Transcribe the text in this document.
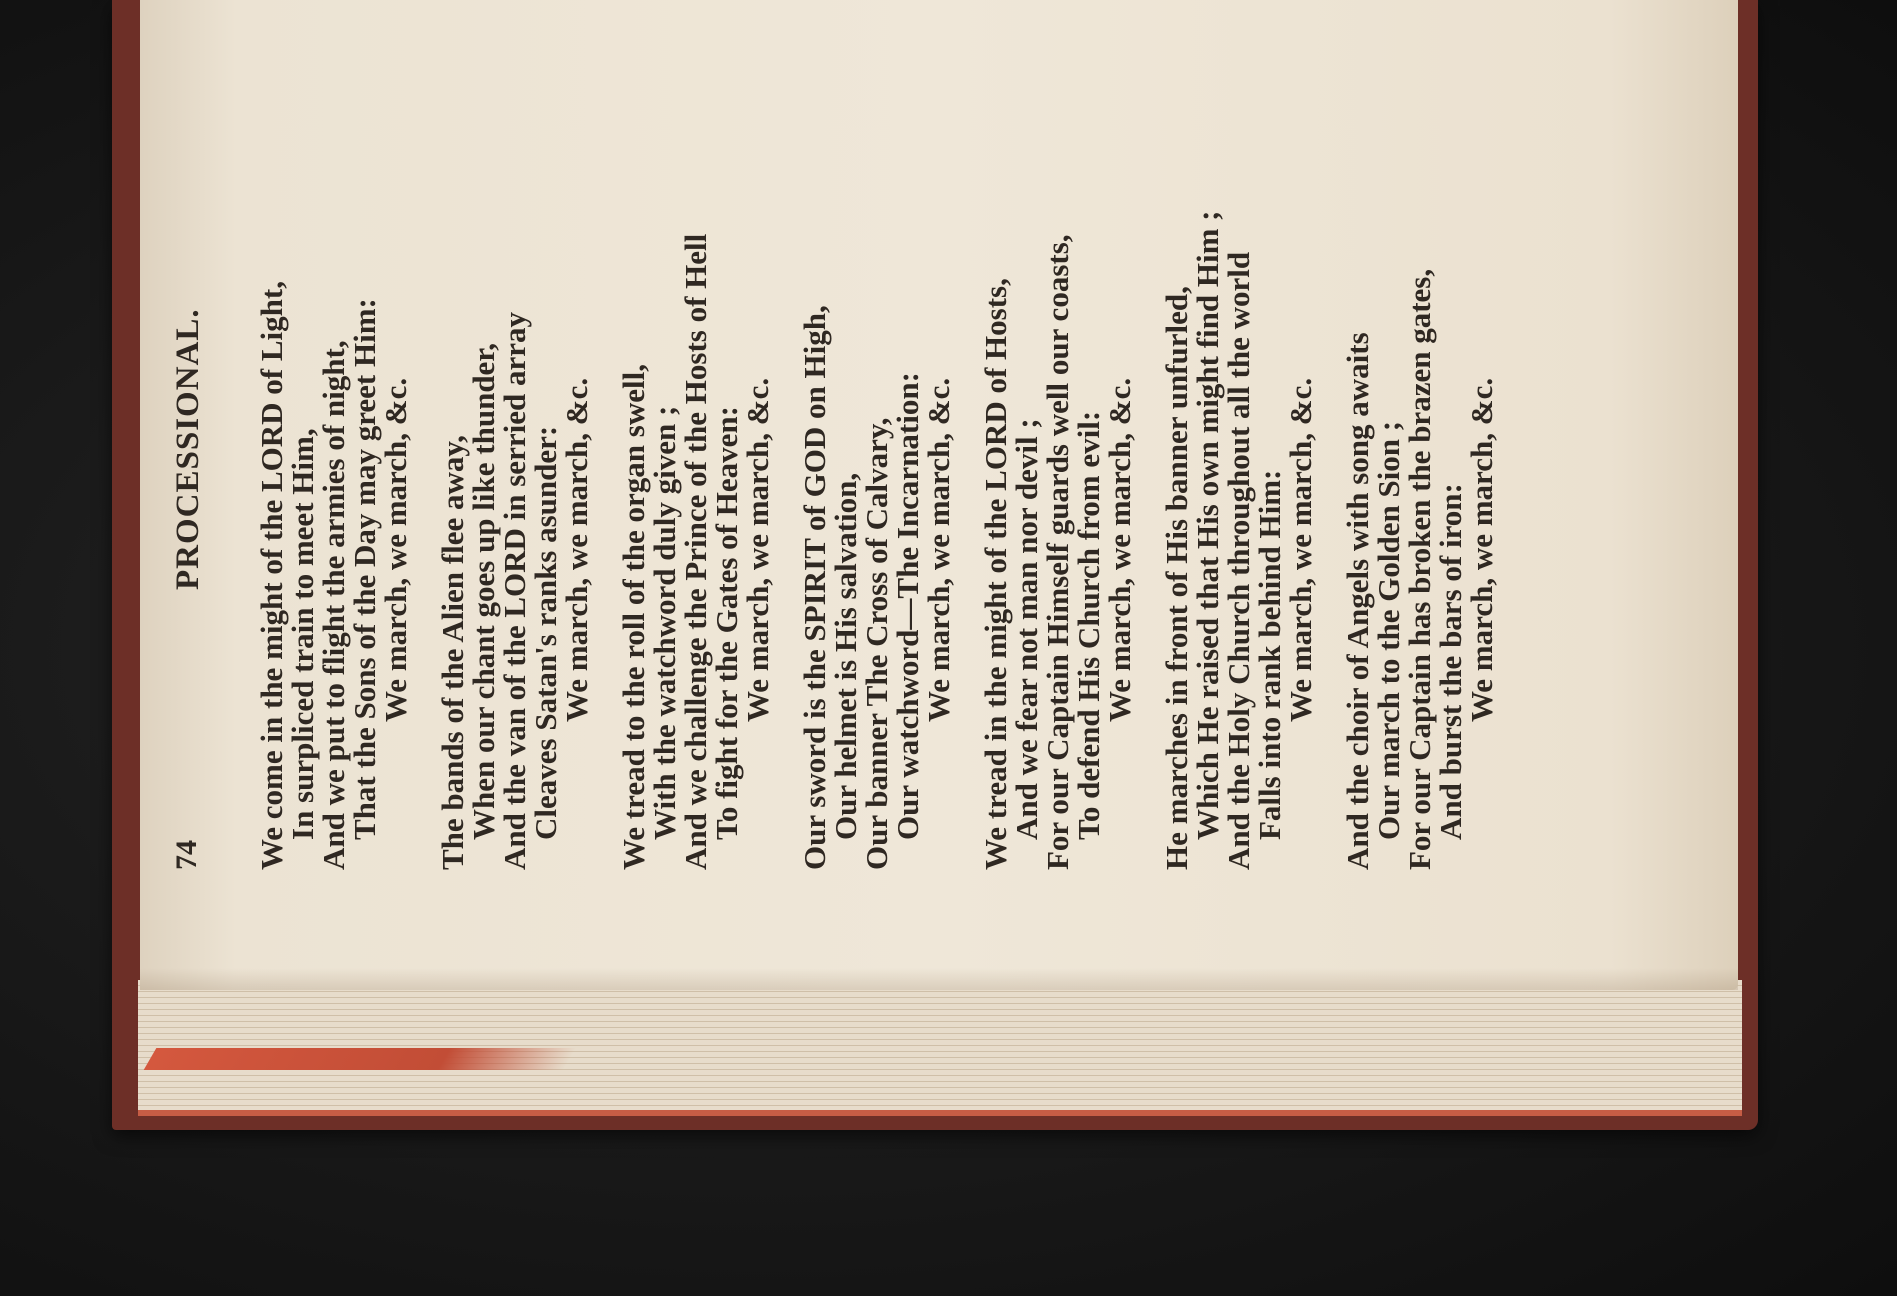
74
PROCESSIONAL. We come in the might of the LORD of Light,
In surpliced train to meet Him,
And we put to flight the armies of night,
That the Sons of the Day may greet Him:
We march, we march, &c. The bands of the Alien flee away,
When our chant goes up like thunder,
And the van of the LORD in serried array
Cleaves Satan's ranks asunder:
We march, we march, &c. We tread to the roll of the organ swell,
With the watchword duly given ;
And we challenge the Prince of the Hosts of Hell
To fight for the Gates of Heaven:
We march, we march, &c. Our sword is the SPIRIT of GOD on High,
Our helmet is His salvation,
Our banner The Cross of Calvary,
Our watchword—The Incarnation:
We march, we march, &c. We tread in the might of the LORD of Hosts,
And we fear not man nor devil ;
For our Captain Himself guards well our coasts,
To defend His Church from evil:
We march, we march, &c. He marches in front of His banner unfurled,
Which He raised that His own might find Him ;
And the Holy Church throughout all the world
Falls into rank behind Him:
We march, we march, &c. And the choir of Angels with song awaits
Our march to the Golden Sion ;
For our Captain has broken the brazen gates,
And burst the bars of iron:
We march, we march, &c.
